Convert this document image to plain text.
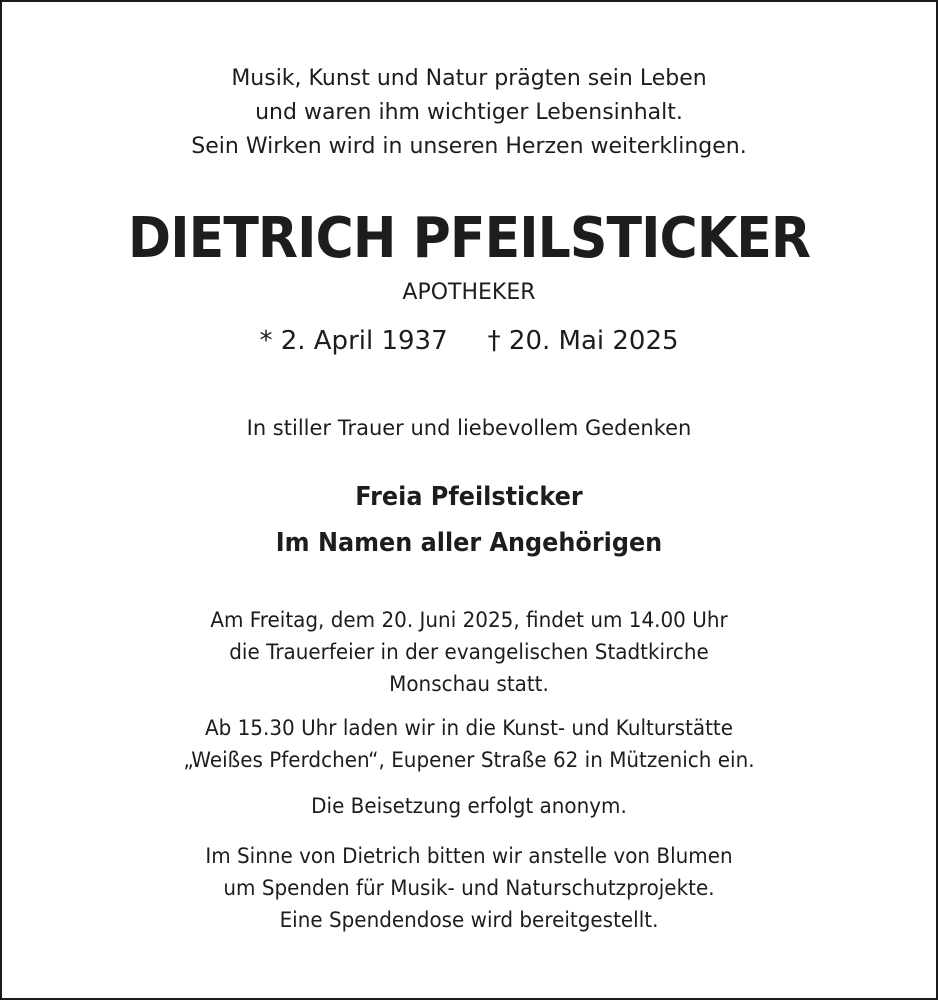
Musik, Kunst und Natur prägten sein Leben
und waren ihm wichtiger Lebensinhalt.
Sein Wirken wird in unseren Herzen weiterklingen.
DIETRICH PFEILSTICKER
APOTHEKER
* 2. April 1937 † 20. Mai 2025
In stiller Trauer und liebevollem Gedenken
Freia Pfeilsticker
Im Namen aller Angehörigen
Am Freitag, dem 20. Juni 2025, findet um 14.00 Uhr
die Trauerfeier in der evangelischen Stadtkirche
Monschau statt.
Ab 15.30 Uhr laden wir in die Kunst- und Kulturstätte
„Weißes Pferdchen“, Eupener Straße 62 in Mützenich ein.
Die Beisetzung erfolgt anonym.
Im Sinne von Dietrich bitten wir anstelle von Blumen
um Spenden für Musik- und Naturschutzprojekte.
Eine Spendendose wird bereitgestellt.
